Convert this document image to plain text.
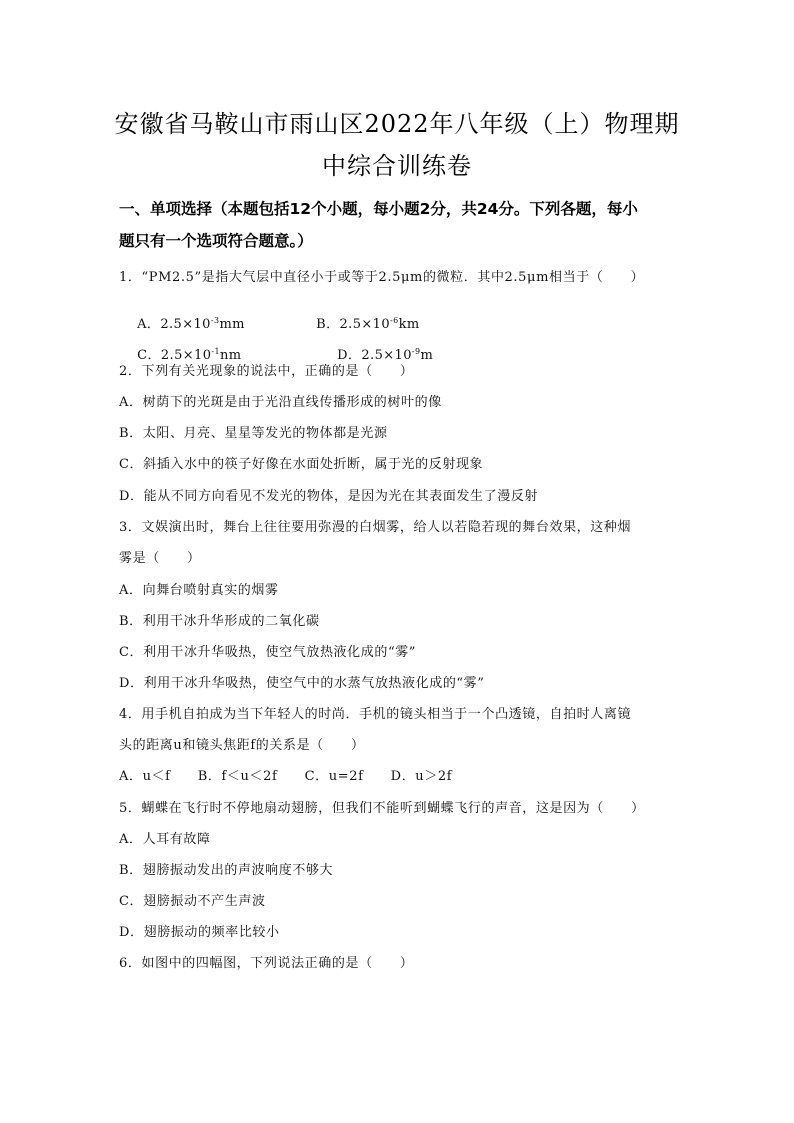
安徽省马鞍山市雨山区2022年八年级（上）物理期
中综合训练卷
一、单项选择（本题包括12个小题，每小题2分，共24分。下列各题，每小
题只有一个选项符合题意。）
1．“PM2.5”是指大气层中直径小于或等于2.5μm的微粒．其中2.5μm相当于（　　）

A．$2.5\times 10^{-3}mm$
	B．$2.5\times 10^{-6}km$

C．$2.5\times 10^{-1}nm$
	D．$2.5\times 10^{-9}m$

2．下列有关光现象的说法中，正确的是（　　）
A．树荫下的光斑是由于光沿直线传播形成的树叶的像
B．太阳、月亮、星星等发光的物体都是光源
C．斜插入水中的筷子好像在水面处折断，属于光的反射现象
D．能从不同方向看见不发光的物体，是因为光在其表面发生了漫反射
3．文娱演出时，舞台上往往要用弥漫的白烟雾，给人以若隐若现的舞台效果，这种烟
雾是（　　）
A．向舞台喷射真实的烟雾
B．利用干冰升华形成的二氧化碳
C．利用干冰升华吸热，使空气放热液化成的“雾”
D．利用干冰升华吸热，使空气中的水蒸气放热液化成的“雾”
4．用手机自拍成为当下年轻人的时尚．手机的镜头相当于一个凸透镜，自拍时人离镜
头的距离u和镜头焦距f的关系是（　　）
A．u＜f　　B．f＜u＜2f　　C．u=2f　　D．u＞2f
5．蝴蝶在飞行时不停地扇动翅膀，但我们不能听到蝴蝶飞行的声音，这是因为（　　）
A．人耳有故障
B．翅膀振动发出的声波响度不够大
C．翅膀振动不产生声波
D．翅膀振动的频率比较小
6．如图中的四幅图，下列说法正确的是（　　）
